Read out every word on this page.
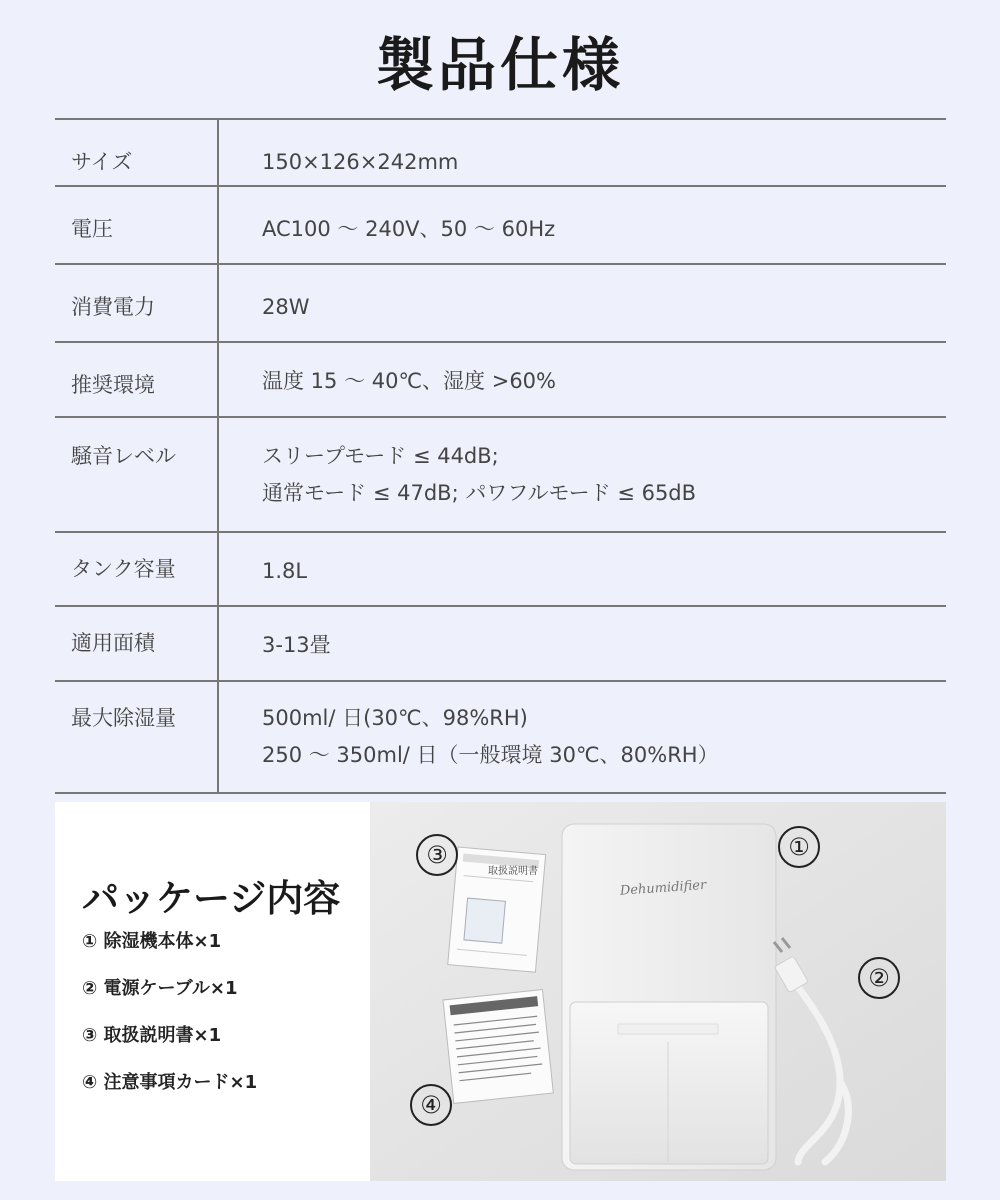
製品仕様
サイズ	150×126×242mm

電圧	AC100 ～ 240V、50 ～ 60Hz

消費電力	28W

推奨環境	温度 15 ～ 40℃、湿度 >60%

騒音レベル	スリープモード ≤ 44dB;
通常モード ≤ 47dB; パワフルモード ≤ 65dB

タンク容量	1.8L

適用面積	3-13畳

最大除湿量	500ml/ 日(30℃、98%RH)
250 ～ 350ml/ 日（一般環境 30℃、80%RH）
パッケージ内容
① 除湿機本体×1
② 電源ケーブル×1
③ 取扱説明書×1
④ 注意事項カード×1
取扱説明書
Dehumidifier
①
②
③
④
